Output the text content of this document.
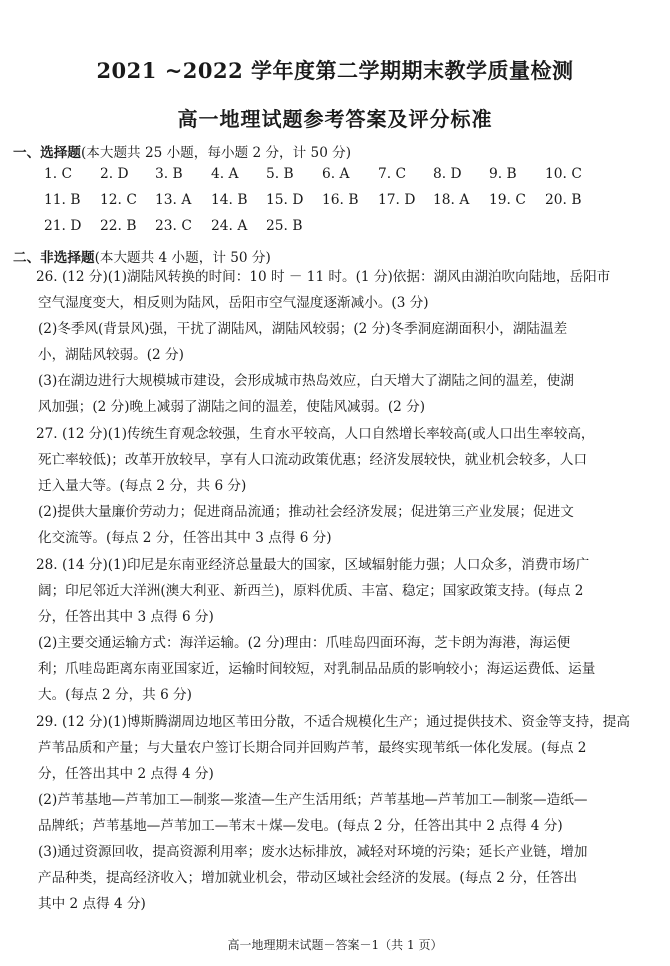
2021 ~2022 学年度第二学期期末教学质量检测
高一地理试题参考答案及评分标准
一、选择题(本大题共 25 小题，每小题 2 分，计 50 分)
1. C 2. D 3. B 4. A 5. B 6. A 7. C 8. D 9. B 10. C
11. B 12. C 13. A 14. B 15. D 16. B 17. D 18. A 19. C 20. B
21. D 22. B 23. C 24. A 25. B
二、非选择题(本大题共 4 小题，计 50 分)
26. (12 分)(1)湖陆风转换的时间：10 时 － 11 时。(1 分)依据：湖风由湖泊吹向陆地，岳阳市
空气湿度变大，相反则为陆风，岳阳市空气湿度逐渐减小。(3 分)
(2)冬季风(背景风)强，干扰了湖陆风，湖陆风较弱；(2 分)冬季洞庭湖面积小，湖陆温差
小，湖陆风较弱。(2 分)
(3)在湖边进行大规模城市建设，会形成城市热岛效应，白天增大了湖陆之间的温差，使湖
风加强；(2 分)晚上减弱了湖陆之间的温差，使陆风减弱。(2 分)
27. (12 分)(1)传统生育观念较强，生育水平较高，人口自然增长率较高(或人口出生率较高，
死亡率较低)；改革开放较早，享有人口流动政策优惠；经济发展较快，就业机会较多，人口
迁入量大等。(每点 2 分，共 6 分)
(2)提供大量廉价劳动力；促进商品流通；推动社会经济发展；促进第三产业发展；促进文
化交流等。(每点 2 分，任答出其中 3 点得 6 分)
28. (14 分)(1)印尼是东南亚经济总量最大的国家，区域辐射能力强；人口众多，消费市场广
阔；印尼邻近大洋洲(澳大利亚、新西兰)，原料优质、丰富、稳定；国家政策支持。(每点 2
分，任答出其中 3 点得 6 分)
(2)主要交通运输方式：海洋运输。(2 分)理由：爪哇岛四面环海，芝卡朗为海港，海运便
利；爪哇岛距离东南亚国家近，运输时间较短，对乳制品品质的影响较小；海运运费低、运量
大。(每点 2 分，共 6 分)
29. (12 分)(1)博斯腾湖周边地区苇田分散，不适合规模化生产；通过提供技术、资金等支持，提高
芦苇品质和产量；与大量农户签订长期合同并回购芦苇，最终实现苇纸一体化发展。(每点 2
分，任答出其中 2 点得 4 分)
(2)芦苇基地—芦苇加工—制浆—浆渣—生产生活用纸；芦苇基地—芦苇加工—制浆—造纸—
品牌纸；芦苇基地—芦苇加工—苇末＋煤—发电。(每点 2 分，任答出其中 2 点得 4 分)
(3)通过资源回收，提高资源利用率；废水达标排放，减轻对环境的污染；延长产业链，增加
产品种类，提高经济收入；增加就业机会，带动区域社会经济的发展。(每点 2 分，任答出
其中 2 点得 4 分)
高一地理期末试题－答案－1（共 1 页）
